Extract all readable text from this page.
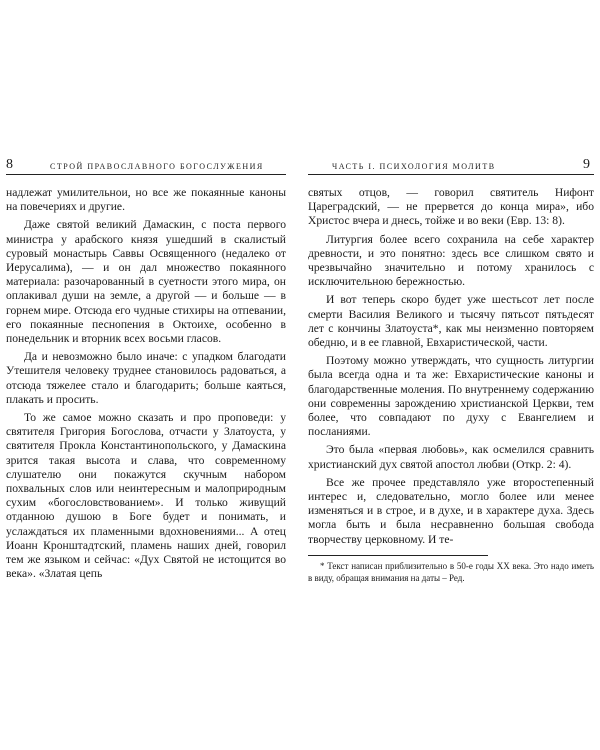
8	СТРОЙ ПРАВОСЛАВНОГО БОГОСЛУЖЕНИЯ

надлежат умилительнои, но все же покаянные каноны на повечериях и другие.

Даже святой великий Дамаскин, с поста первого министра у арабского князя ушедший в скалистый суровый монастырь Саввы Освященного (недалеко от Иерусалима), — и он дал множество покаянного материала: разочарованный в суетности этого мира, он оплакивал души на земле, а другой — и больше — в горнем мире. Отсюда его чудные стихиры на отпевании, его покаянные песнопения в Октоихе, особенно в понедельник и вторник всех восьми гласов.

Да и невозможно было иначе: с упадком благодати Утешителя человеку труднее становилось радоваться, а отсюда тяжелее стало и благодарить; больше каяться, плакать и просить.

То же самое можно сказать и про проповеди: у святителя Григория Богослова, отчасти у Златоуста, у святителя Прокла Константинопольского, у Дамаскина зрится такая высота и слава, что современному слушателю они покажутся скучным набором похвальных слов или неинтересным и малоприродным сухим «богословствованием». И только живущий отданною душою в Боге будет и понимать, и услаждаться их пламенными вдохновениями... А отец Иоанн Кронштадтский, пламень наших дней, говорил тем же языком и сейчас: «Дух Святой не истощится во века». «Златая цепь

ЧАСТЬ I. ПСИХОЛОГИЯ МОЛИТВ	9

святых отцов, — говорил святитель Нифонт Цареградский, — не прервется до конца мира», ибо Христос вчера и днесь, тойже и во веки (Евр. 13: 8).

Литургия более всего сохранила на себе характер древности, и это понятно: здесь все слишком свято и чрезвычайно значительно и потому хранилось с исключительною бережностью.

И вот теперь скоро будет уже шестьсот лет после смерти Василия Великого и тысячу пятьсот пятьдесят лет с кончины Златоуста*, как мы неизменно повторяем обедню, и в ее главной, Евхаристической, части.

Поэтому можно утверждать, что сущность литургии была всегда одна и та же: Евхаристические каноны и благодарственные моления. По внутреннему содержанию они современны зарождению христианской Церкви, тем более, что совпадают по духу с Евангелием и посланиями.

Это была «первая любовь», как осмелился сравнить христианский дух святой апостол любви (Откр. 2: 4).

Все же прочее представляло уже второстепенный интерес и, следовательно, могло более или менее изменяться и в строе, и в духе, и в характере духа. Здесь могла быть и была несравненно большая свобода творчеству церковному. И те-

* Текст написан приблизительно в 50-е годы XX века. Это надо иметь в виду, обращая внимания на даты – Ред.
